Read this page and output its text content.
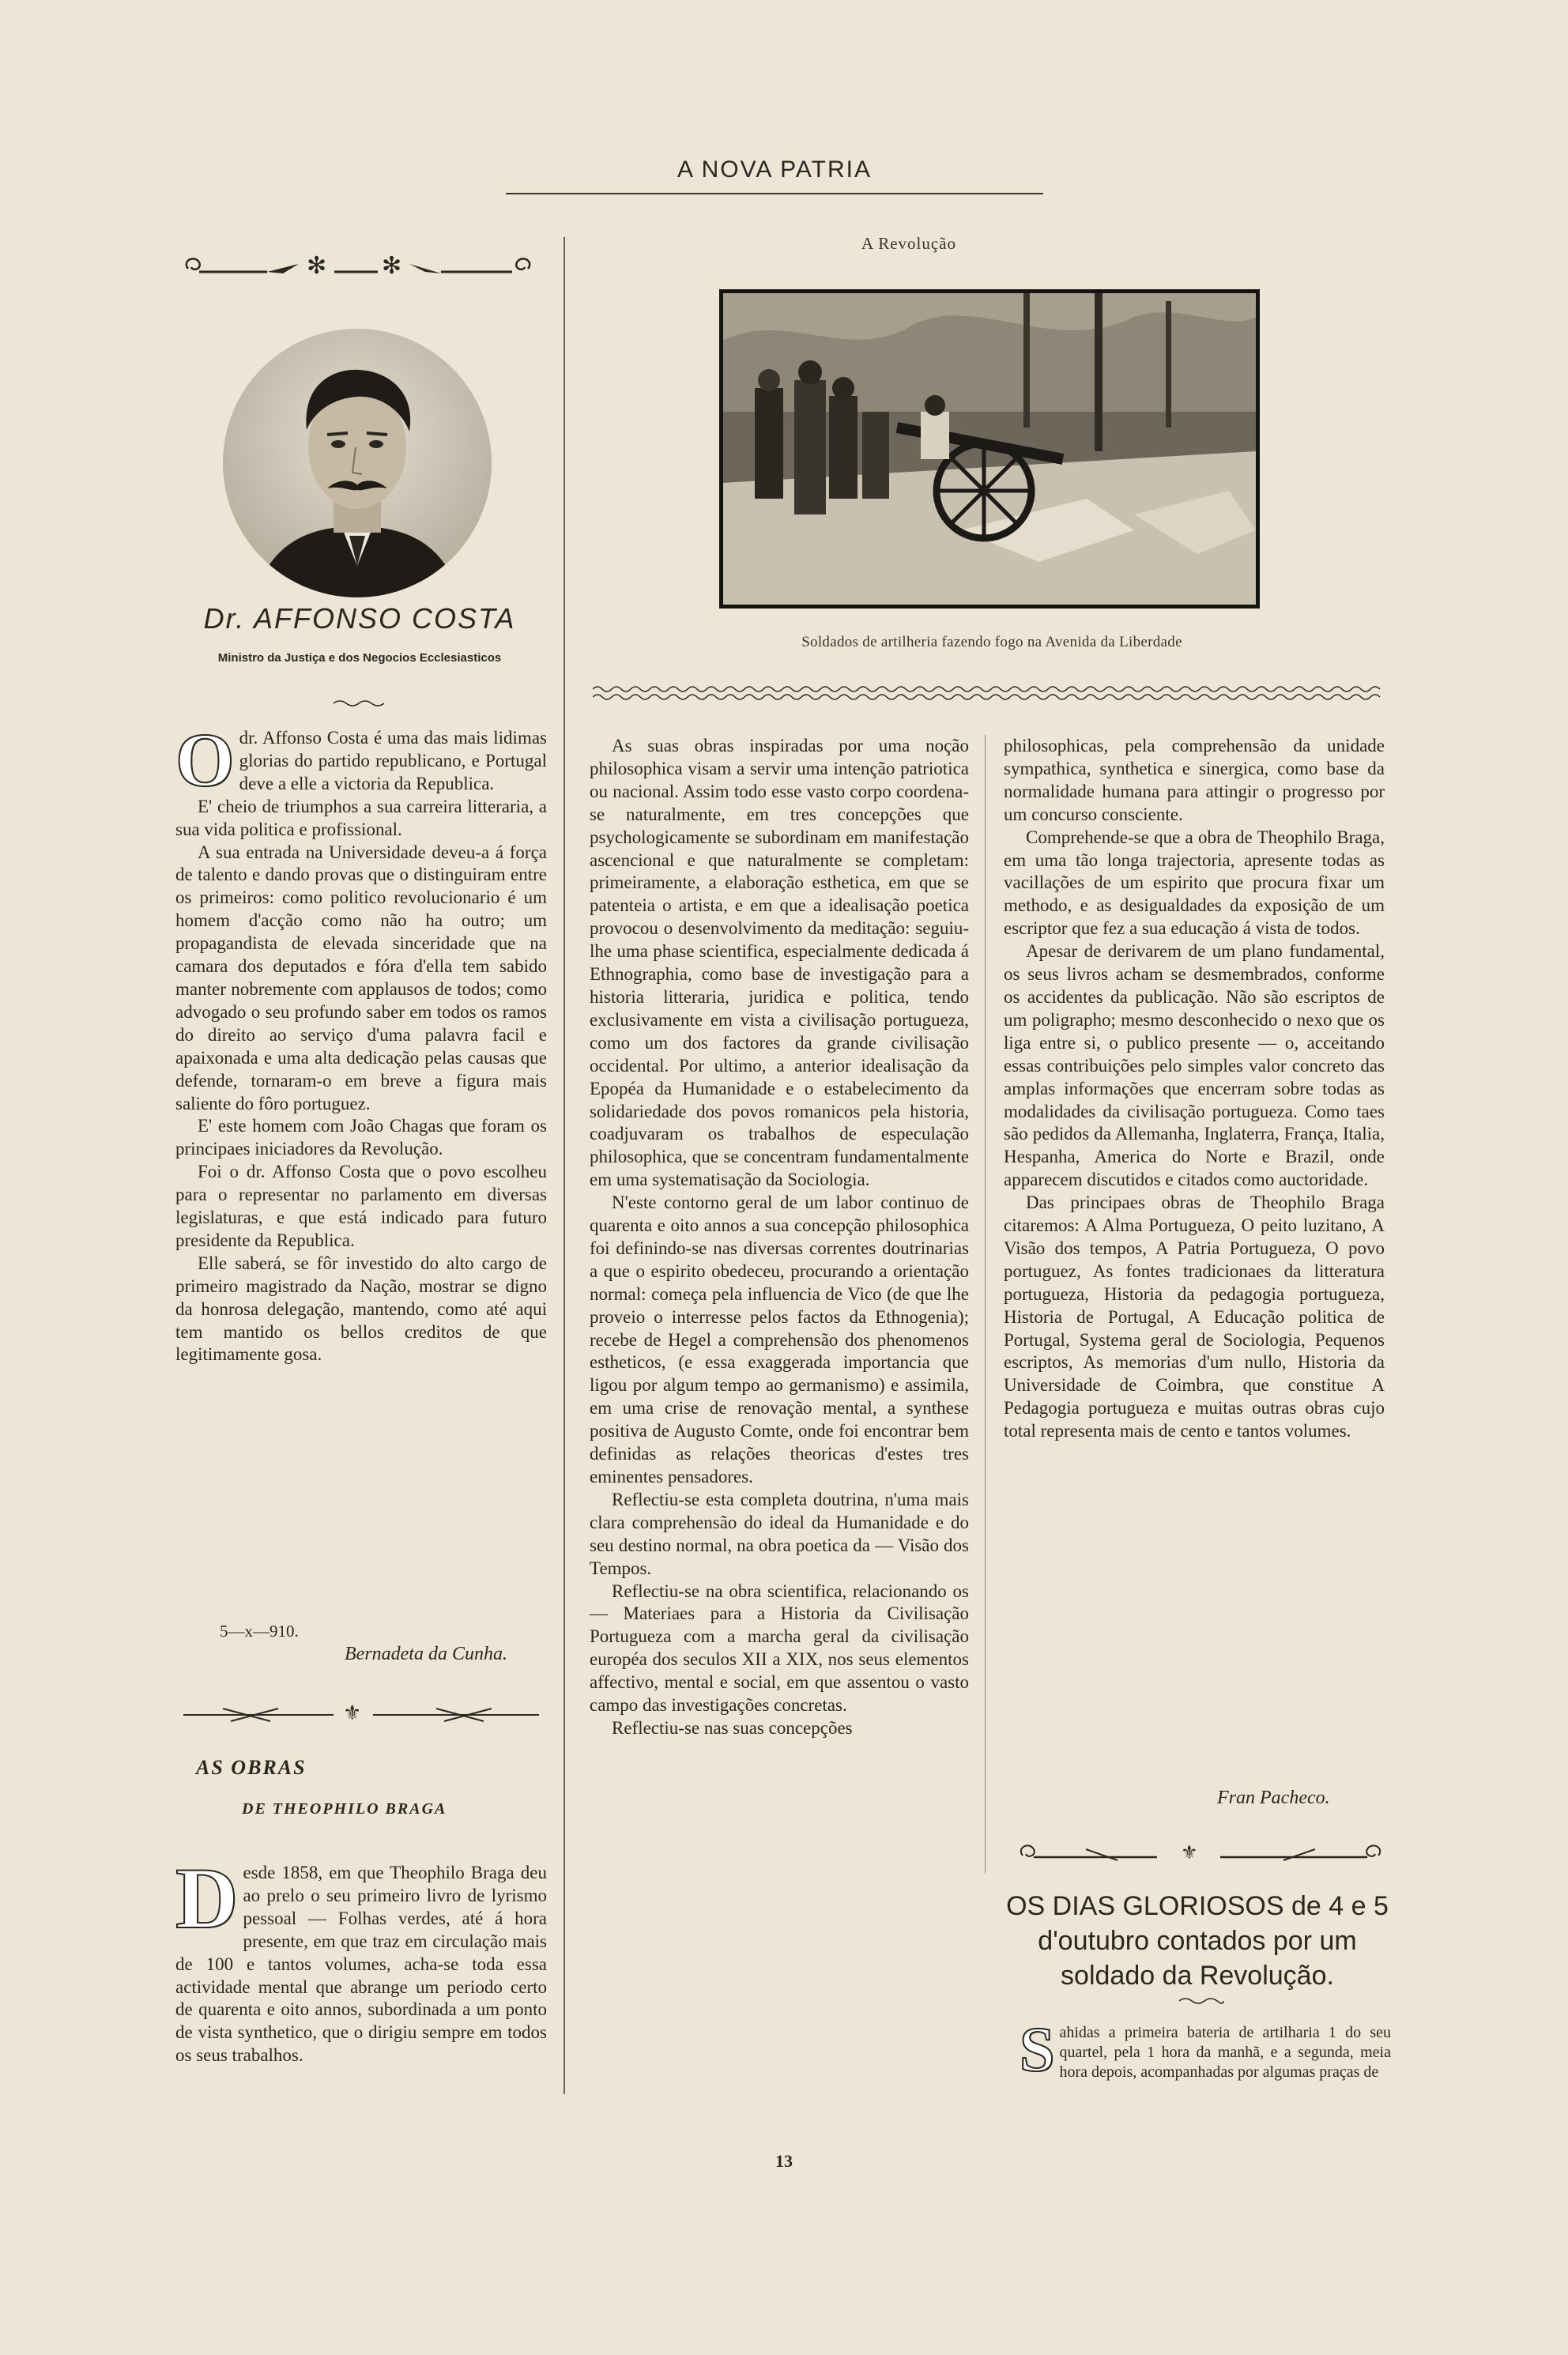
A NOVA PATRIA
✻ ✻
Dr. AFFONSO COSTA
Ministro da Justiça e dos Negocios Ecclesiasticos
A Revolução
Soldados de artilheria fazendo fogo na Avenida da Liberdade

Odr. Affonso Costa é uma das mais lidimas glorias do partido republicano, e Portugal deve a elle a victoria da Republica.

E' cheio de triumphos a sua carreira litteraria, a sua vida politica e profissional.

A sua entrada na Universidade deveu-a á força de talento e dando provas que o distinguiram entre os primeiros: como politico revolucionario é um homem d'acção como não ha outro; um propagandista de elevada sinceridade que na camara dos deputados e fóra d'ella tem sabido manter nobremente com applausos de todos; como advogado o seu profundo saber em todos os ramos do direito ao serviço d'uma palavra facil e apaixonada e uma alta dedicação pelas causas que defende, tornaram-o em breve a figura mais saliente do fôro portuguez.

E' este homem com João Chagas que foram os principaes iniciadores da Revolução.

Foi o dr. Affonso Costa que o povo escolheu para o representar no parlamento em diversas legislaturas, e que está indicado para futuro presidente da Republica.

Elle saberá, se fôr investido do alto cargo de primeiro magistrado da Nação, mostrar se digno da honrosa delegação, mantendo, como até aqui tem mantido os bellos creditos de que legitimamente gosa.

5—x—910.
Bernadeta da Cunha.
⚜
AS OBRAS
DE THEOPHILO BRAGA

Desde 1858, em que Theophilo Braga deu ao prelo o seu primeiro livro de lyrismo pessoal — Folhas verdes, até á hora presente, em que traz em circulação mais de 100 e tantos volumes, acha-se toda essa actividade mental que abrange um periodo certo de quarenta e oito annos, subordinada a um ponto de vista synthetico, que o dirigiu sempre em todos os seus trabalhos.

As suas obras inspiradas por uma noção philosophica visam a servir uma intenção patriotica ou nacional. Assim todo esse vasto corpo coordena-se naturalmente, em tres concepções que psychologicamente se subordinam em manifestação ascencional e que naturalmente se completam: primeiramente, a elaboração esthetica, em que se patenteia o artista, e em que a idealisação poetica provocou o desenvolvimento da meditação: seguiu-lhe uma phase scientifica, especialmente dedicada á Ethnographia, como base de investigação para a historia litteraria, juridica e politica, tendo exclusivamente em vista a civilisação portugueza, como um dos factores da grande civilisação occidental. Por ultimo, a anterior idealisação da Epopéa da Humanidade e o estabelecimento da solidariedade dos povos romanicos pela historia, coadjuvaram os trabalhos de especulação philosophica, que se concentram fundamentalmente em uma systematisação da Sociologia.

N'este contorno geral de um labor continuo de quarenta e oito annos a sua concepção philosophica foi definindo-se nas diversas correntes doutrinarias a que o espirito obedeceu, procurando a orientação normal: começa pela influencia de Vico (de que lhe proveio o interresse pelos factos da Ethnogenia); recebe de Hegel a comprehensão dos phenomenos estheticos, (e essa exaggerada importancia que ligou por algum tempo ao germanismo) e assimila, em uma crise de renovação mental, a synthese positiva de Augusto Comte, onde foi encontrar bem definidas as relações theoricas d'estes tres eminentes pensadores.

Reflectiu-se esta completa doutrina, n'uma mais clara comprehensão do ideal da Humanidade e do seu destino normal, na obra poetica da — Visão dos Tempos.

Reflectiu-se na obra scientifica, relacionando os — Materiaes para a Historia da Civilisação Portugueza com a marcha geral da civilisação européa dos seculos XII a XIX, nos seus elementos affectivo, mental e social, em que assentou o vasto campo das investigações concretas.

Reflectiu-se nas suas concepções

philosophicas, pela comprehensão da unidade sympathica, synthetica e sinergica, como base da normalidade humana para attingir o progresso por um concurso consciente.

Comprehende-se que a obra de Theophilo Braga, em uma tão longa trajectoria, apresente todas as vacillações de um espirito que procura fixar um methodo, e as desigualdades da exposição de um escriptor que fez a sua educação á vista de todos.

Apesar de derivarem de um plano fundamental, os seus livros acham se desmembrados, conforme os accidentes da publicação. Não são escriptos de um poligrapho; mesmo desconhecido o nexo que os liga entre si, o publico presente — o, acceitando essas contribuições pelo simples valor concreto das amplas informações que encerram sobre todas as modalidades da civilisação portugueza. Como taes são pedidos da Allemanha, Inglaterra, França, Italia, Hespanha, America do Norte e Brazil, onde apparecem discutidos e citados como auctoridade.

Das principaes obras de Theophilo Braga citaremos: A Alma Portugueza, O peito luzitano, A Visão dos tempos, A Patria Portugueza, O povo portuguez, As fontes tradicionaes da litteratura portugueza, Historia da pedagogia portugueza, Historia de Portugal, A Educação politica de Portugal, Systema geral de Sociologia, Pequenos escriptos, As memorias d'um nullo, Historia da Universidade de Coimbra, que constitue A Pedagogia portugueza e muitas outras obras cujo total representa mais de cento e tantos volumes.

Fran Pacheco.
⚜
OS DIAS GLORIOSOS de 4 e 5 d'outubro contados por um soldado da Revolução.
Sahidas a primeira bateria de artilharia 1 do seu quartel, pela 1 hora da manhã, e a segunda, meia hora depois, acompanhadas por algumas praças de
13
